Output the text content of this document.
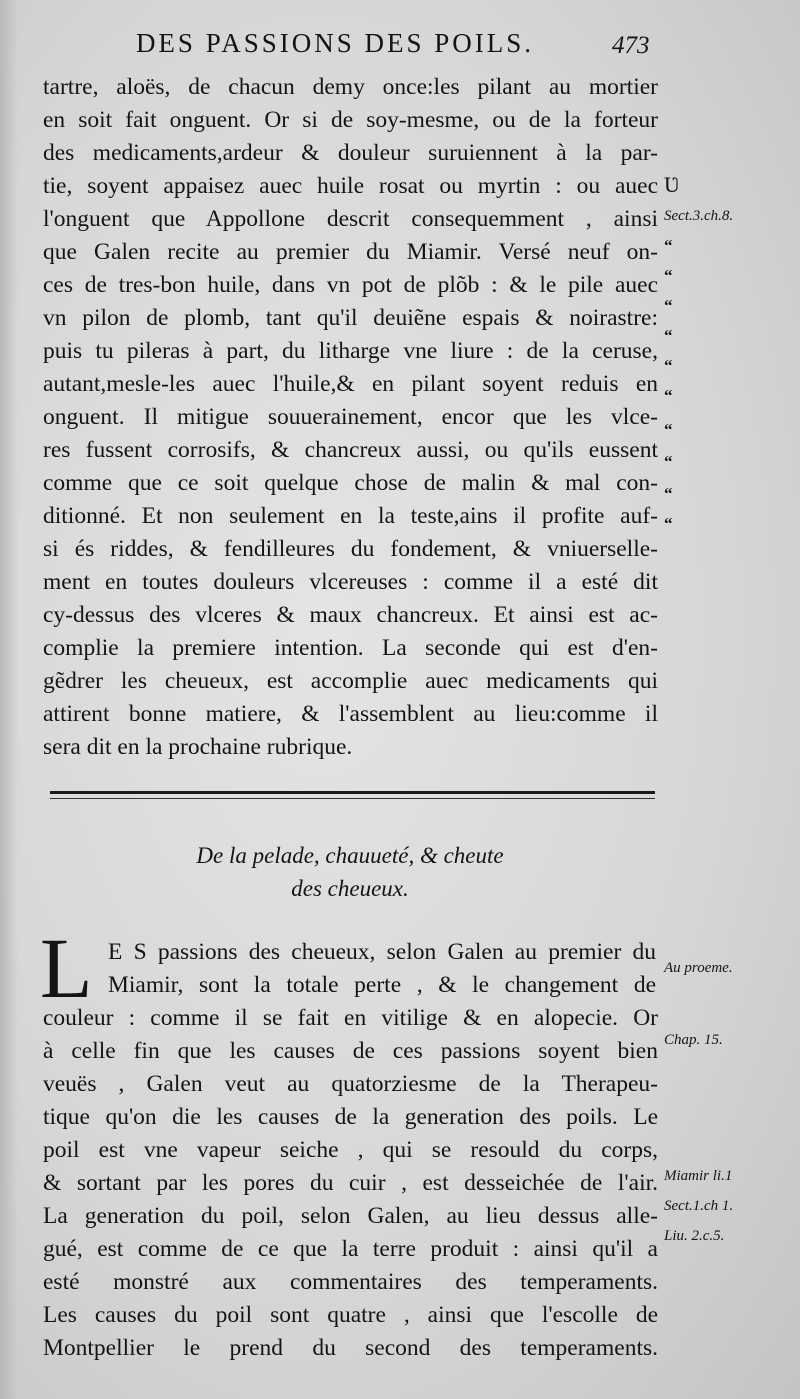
DES PASSIONS DES POILS.	473
tartre, aloës, de chacun demy once:les pilant au mortier
en soit fait onguent. Or si de soy-mesme, ou de la forteur
des medicaments,ardeur & douleur suruiennent à la par-
tie, soyent appaisez auec huile rosat ou myrtin : ou auec
l'onguent que Appollone descrit consequemment , ainsi
que Galen recite au premier du Miamir. Versé neuf on-
ces de tres-bon huile, dans vn pot de plõb : & le pile auec
vn pilon de plomb, tant qu'il deuiẽne espais & noirastre:
puis tu pileras à part, du litharge vne liure : de la ceruse,
autant,mesle-les auec l'huile,& en pilant soyent reduis en
onguent. Il mitigue souuerainement, encor que les vlce-
res fussent corrosifs, & chancreux aussi, ou qu'ils eussent
comme que ce soit quelque chose de malin & mal con-
ditionné. Et non seulement en la teste,ains il profite auf-
si és riddes, & fendilleures du fondement, & vniuerselle-
ment en toutes douleurs vlcereuses : comme il a esté dit
cy-dessus des vlceres & maux chancreux. Et ainsi est ac-
complie la premiere intention. La seconde qui est d'en-
gẽdrer les cheueux, est accomplie auec medicaments qui
attirent bonne matiere, & l'assemblent au lieu:comme il
sera dit en la prochaine rubrique.
Ʋ
Sect.3.ch.8.
“
“
“
“
“
“
“
“
“
“
De la pelade, chauueté, & cheute
des cheueux.
L E S passions des cheueux, selon Galen au premier du
Miamir, sont la totale perte , & le changement de
couleur : comme il se fait en vitilige & en alopecie. Or
à celle fin que les causes de ces passions soyent bien
veuës , Galen veut au quatorziesme de la Therapeu-
tique qu'on die les causes de la generation des poils. Le
poil est vne vapeur seiche , qui se resould du corps,
& sortant par les pores du cuir , est desseichée de l'air.
La generation du poil, selon Galen, au lieu dessus alle-
gué, est comme de ce que la terre produit : ainsi qu'il a
esté monstré aux commentaires des temperaments.
Les causes du poil sont quatre , ainsi que l'escolle de
Montpellier le prend du second des temperaments.
Au proeme.
Chap. 15.
Miamir li.1
Sect.1.ch 1.
Liu. 2.c.5.
